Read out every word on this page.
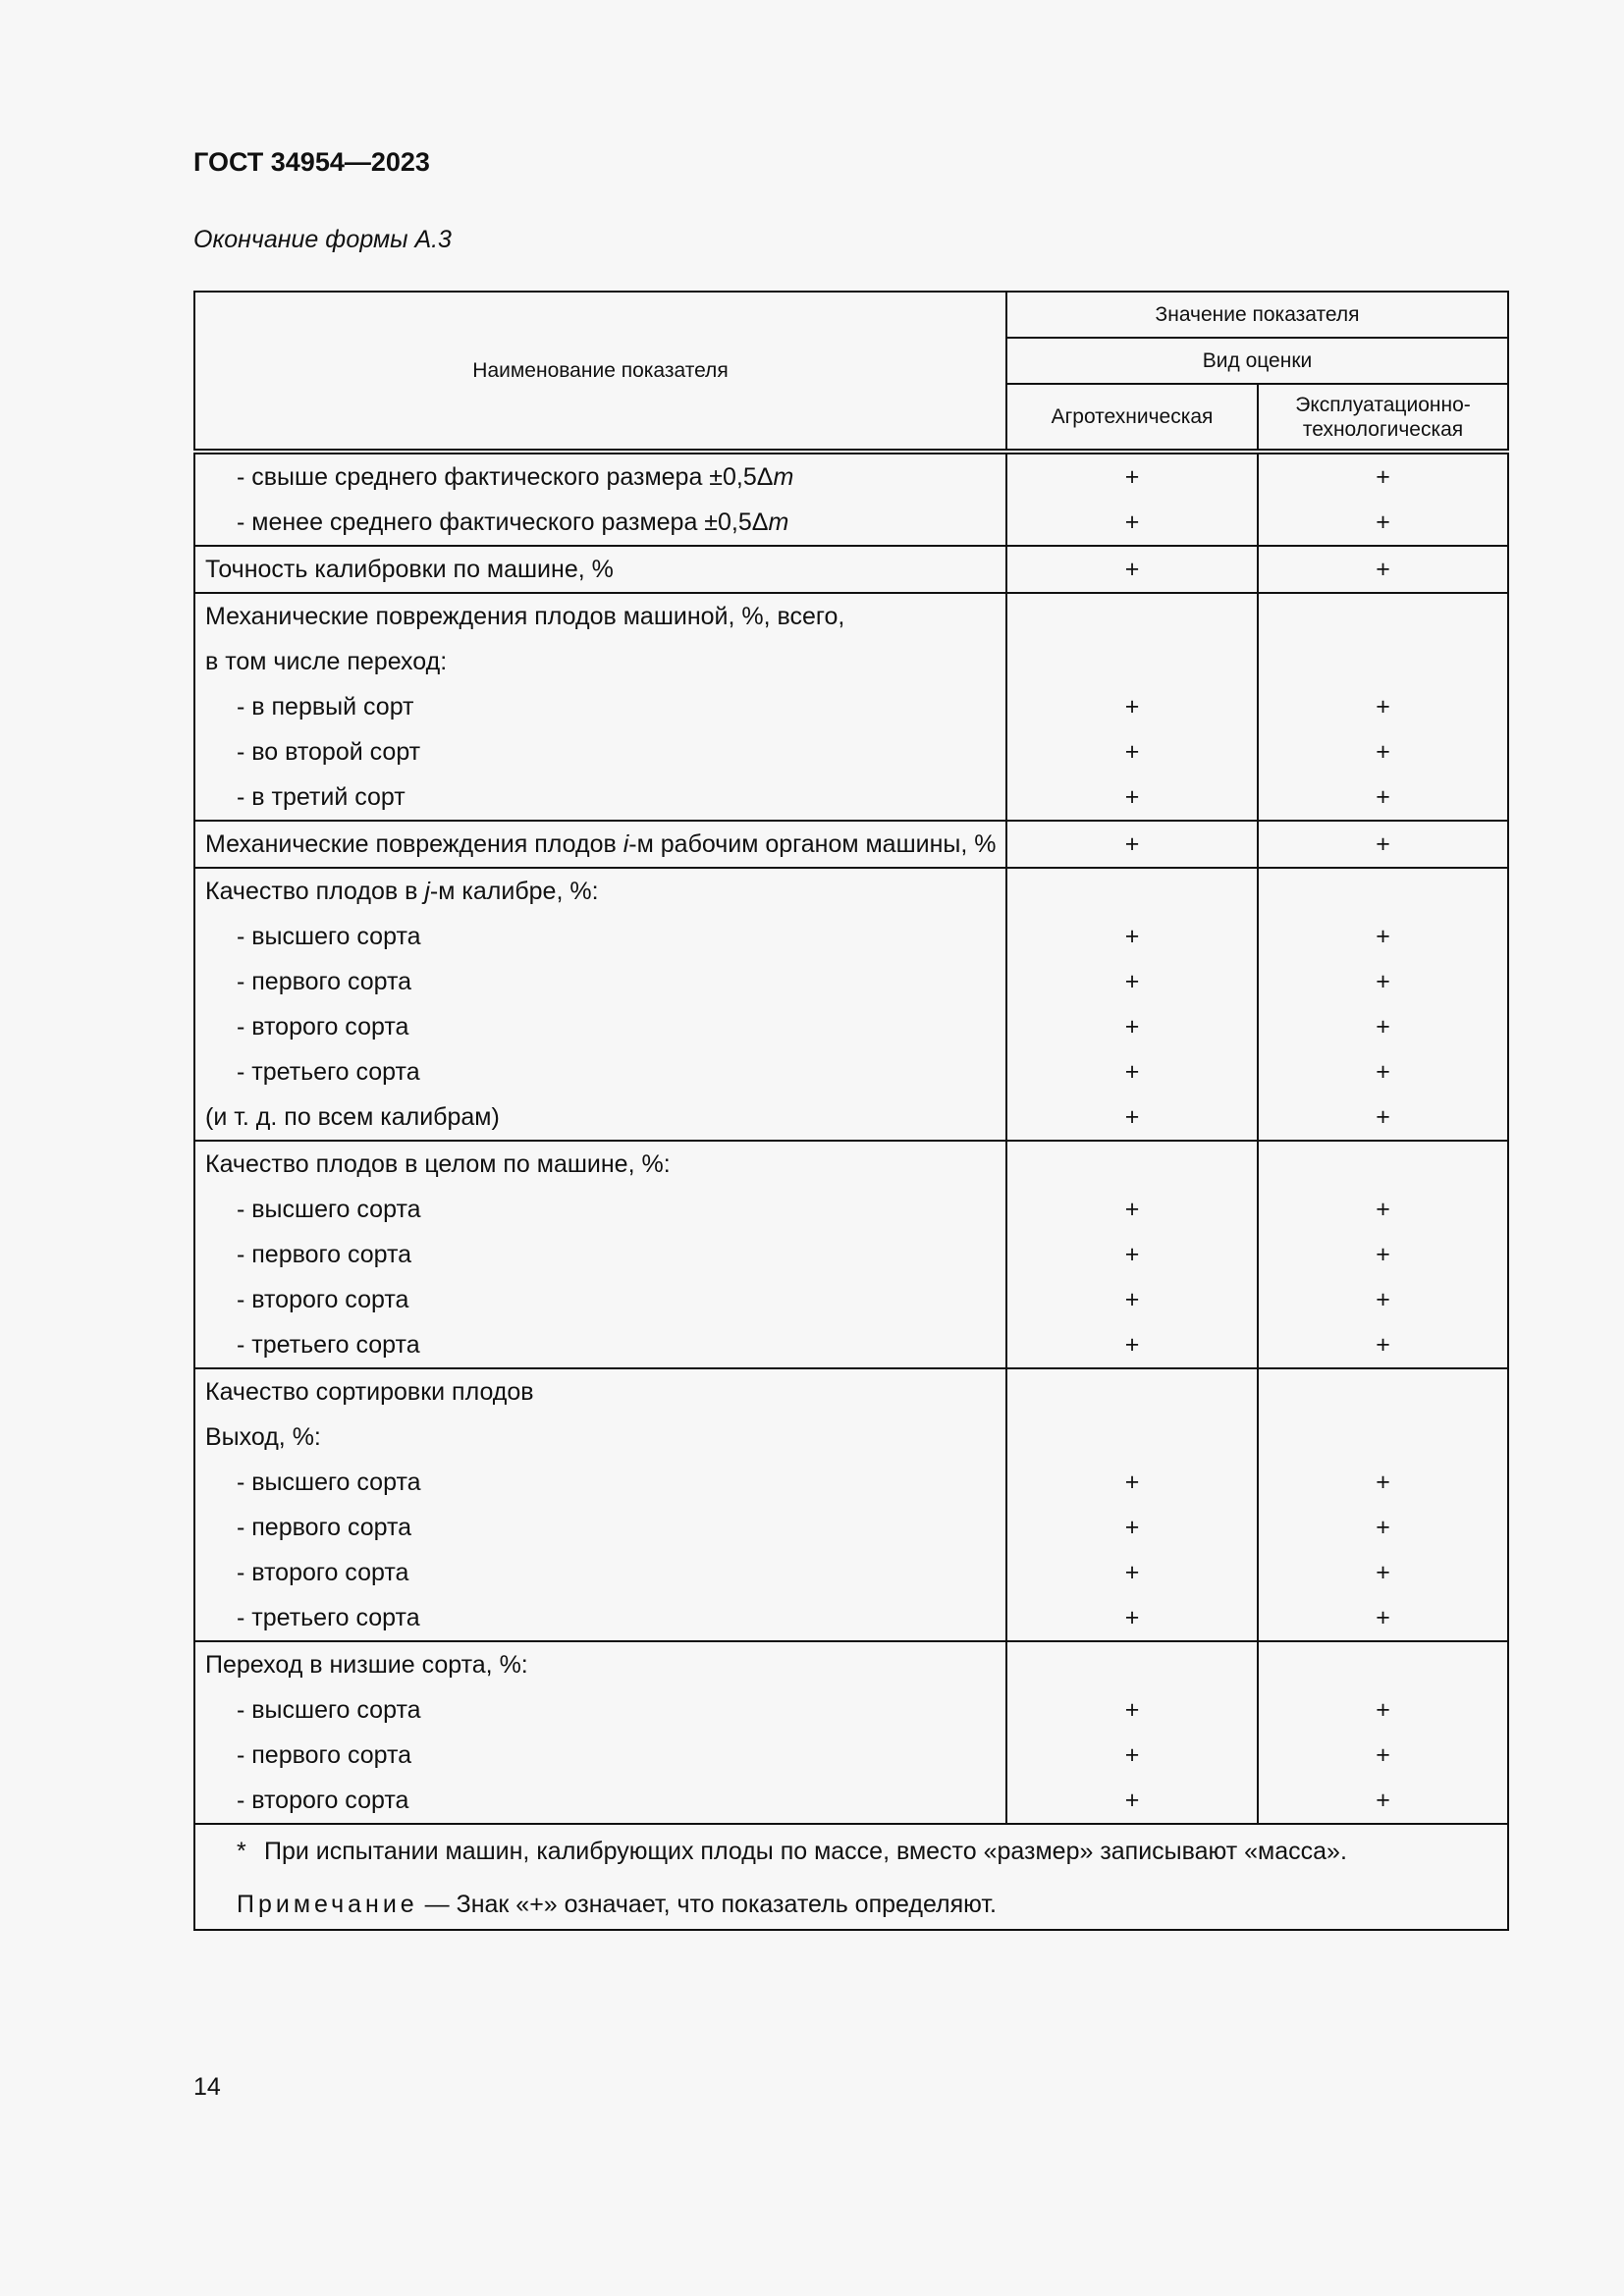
ГОСТ 34954—2023
Окончание формы А.3
Наименование показателя	Значение показателя	
	Вид оценки	
	Агротехническая	Эксплуатационно-
технологическая
- свыше среднего фактического размера ±0,5Δm	+	+
- менее среднего фактического размера ±0,5Δm	+	+
Точность калибровки по машине, %	+	+
Механические повреждения плодов машиной, %, всего,		
в том числе переход:		
- в первый сорт	+	+
- во второй сорт	+	+
- в третий сорт	+	+
Механические повреждения плодов i-м рабочим органом машины, %	+	+
Качество плодов в j-м калибре, %:		
- высшего сорта	+	+
- первого сорта	+	+
- второго сорта	+	+
- третьего сорта	+	+
(и т. д. по всем калибрам)	+	+
Качество плодов в целом по машине, %:		
- высшего сорта	+	+
- первого сорта	+	+
- второго сорта	+	+
- третьего сорта	+	+
Качество сортировки плодов		
Выход, %:		
- высшего сорта	+	+
- первого сорта	+	+
- второго сорта	+	+
- третьего сорта	+	+
Переход в низшие сорта, %:		
- высшего сорта	+	+
- первого сорта	+	+
- второго сорта	+	+

* При испытании машин, калибрующих плоды по массе, вместо «размер» записывают «масса».
Примечание — Знак «+» означает, что показатель определяют.		
14
